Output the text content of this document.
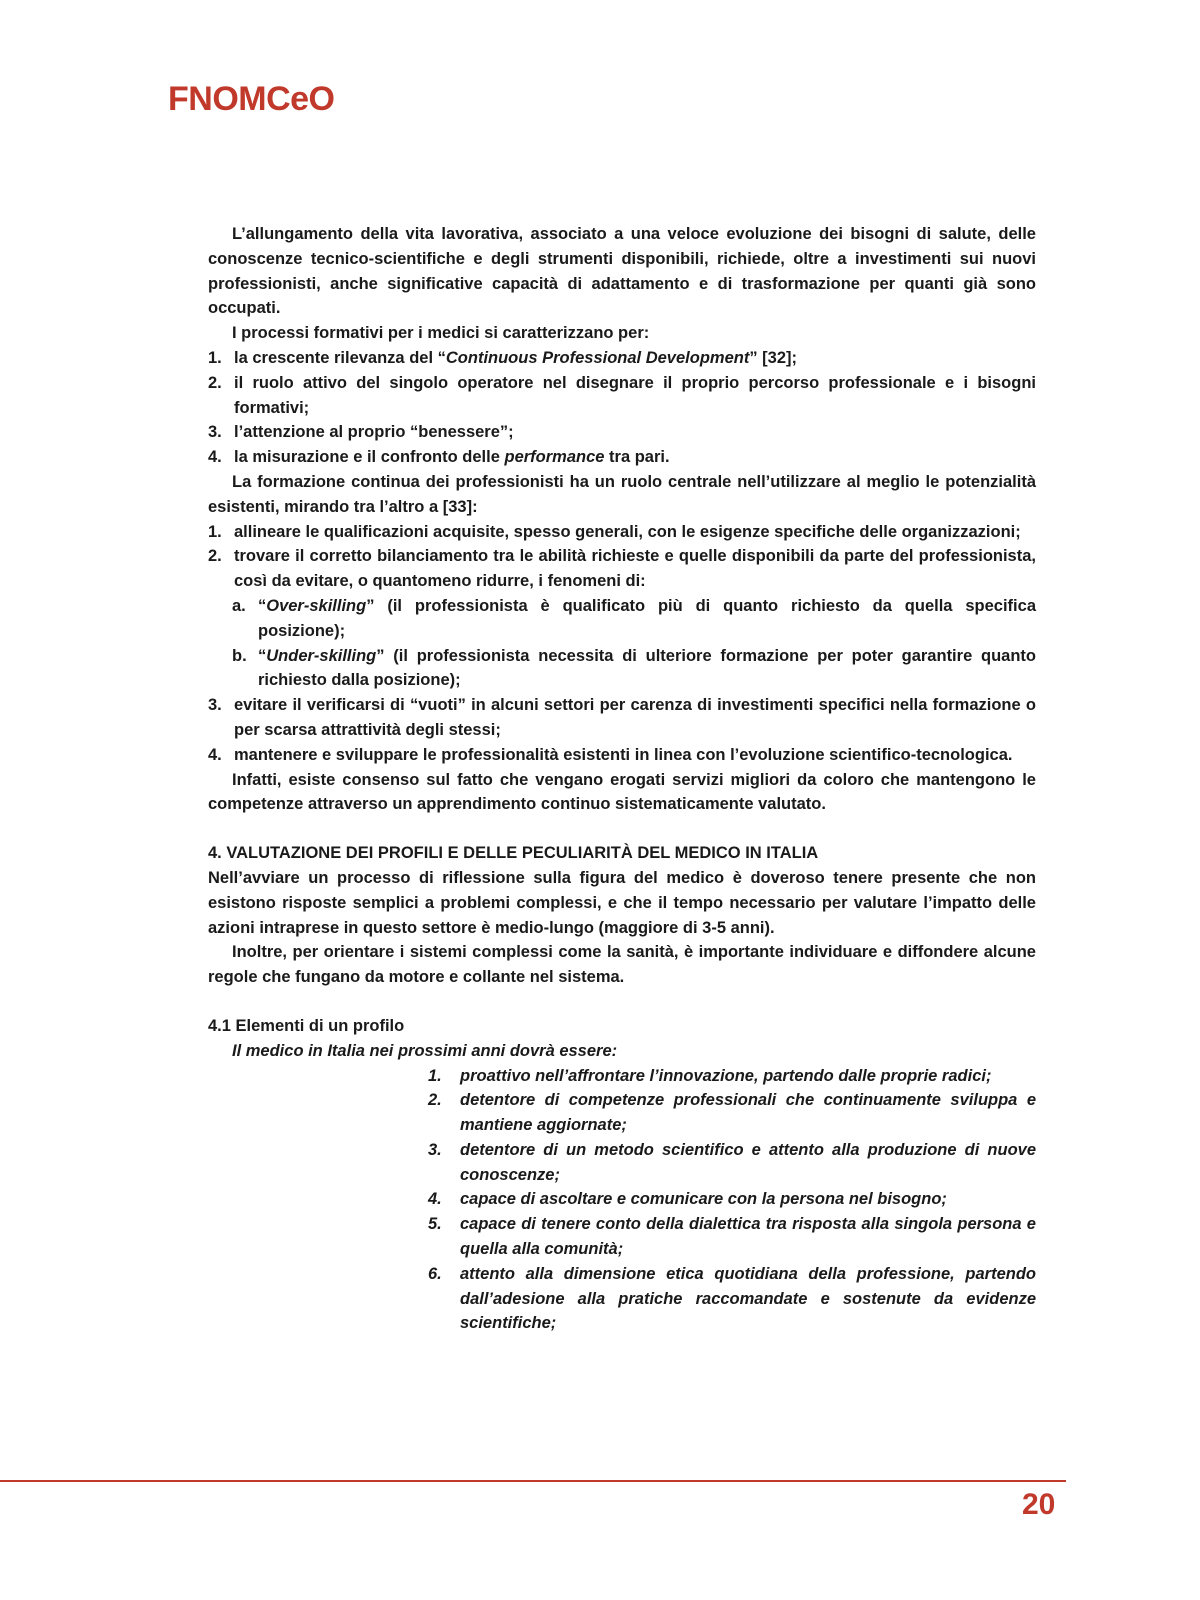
FNOMCeO

L’allungamento della vita lavorativa, associato a una veloce evoluzione dei bisogni di salute, delle conoscenze tecnico-scientifiche e degli strumenti disponibili, richiede, oltre a investimenti sui nuovi professionisti, anche significative capacità di adattamento e di trasformazione per quanti già sono occupati.

I processi formativi per i medici si caratterizzano per:

1. la crescente rilevanza del “Continuous Professional Development” [32];
2. il ruolo attivo del singolo operatore nel disegnare il proprio percorso professionale e i bisogni formativi;
3. l’attenzione al proprio “benessere”;
4. la misurazione e il confronto delle performance tra pari.

La formazione continua dei professionisti ha un ruolo centrale nell’utilizzare al meglio le potenzialità esistenti, mirando tra l’altro a [33]:

1. allineare le qualificazioni acquisite, spesso generali, con le esigenze specifiche delle organizzazioni;
2. trovare il corretto bilanciamento tra le abilità richieste e quelle disponibili da parte del professionista, così da evitare, o quantomeno ridurre, i fenomeni di:
a. “Over-skilling” (il professionista è qualificato più di quanto richiesto da quella specifica posizione);
b. “Under-skilling” (il professionista necessita di ulteriore formazione per poter garantire quanto richiesto dalla posizione);
3. evitare il verificarsi di “vuoti” in alcuni settori per carenza di investimenti specifici nella formazione o per scarsa attrattività degli stessi;
4. mantenere e sviluppare le professionalità esistenti in linea con l’evoluzione scientifico-tecnologica.

Infatti, esiste consenso sul fatto che vengano erogati servizi migliori da coloro che mantengono le competenze attraverso un apprendimento continuo sistematicamente valutato.

4. VALUTAZIONE DEI PROFILI E DELLE PECULIARITÀ DEL MEDICO IN ITALIA

Nell’avviare un processo di riflessione sulla figura del medico è doveroso tenere presente che non esistono risposte semplici a problemi complessi, e che il tempo necessario per valutare l’impatto delle azioni intraprese in questo settore è medio-lungo (maggiore di 3-5 anni).

Inoltre, per orientare i sistemi complessi come la sanità, è importante individuare e diffondere alcune regole che fungano da motore e collante nel sistema.

4.1 Elementi di un profilo

Il medico in Italia nei prossimi anni dovrà essere:

1.	proattivo nell’affrontare l’innovazione, partendo dalle proprie radici;
2.	detentore di competenze professionali che continuamente sviluppa e mantiene aggiornate;
3.	detentore di un metodo scientifico e attento alla produzione di nuove conoscenze;
4.	capace di ascoltare e comunicare con la persona nel bisogno;
5.	capace di tenere conto della dialettica tra risposta alla singola persona e quella alla comunità;
6.	attento alla dimensione etica quotidiana della professione, partendo dall’adesione alla pratiche raccomandate e sostenute da evidenze scientifiche;
20
